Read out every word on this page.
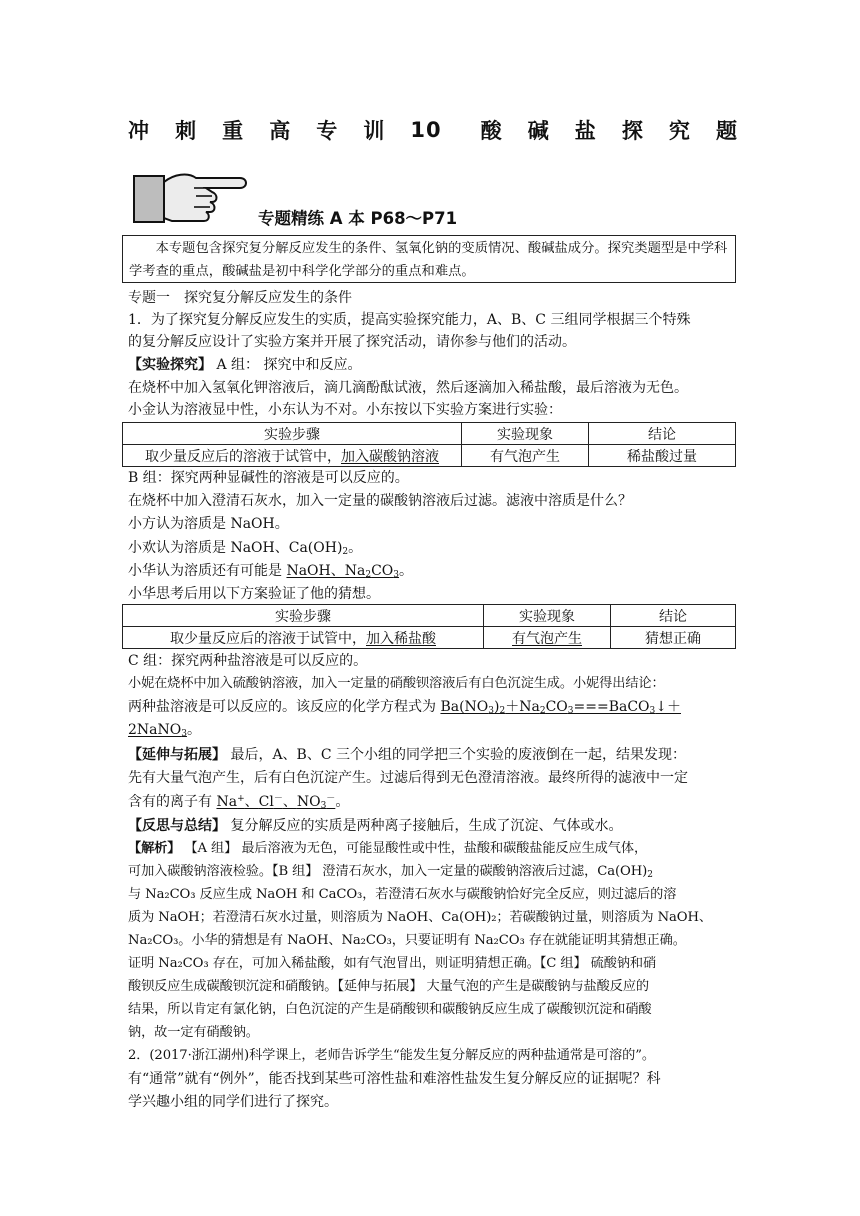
冲 刺 重 高 专 训 10 酸 碱 盐 探 究 题
专题精练 A 本 P68～P71
本专题包含探究复分解反应发生的条件、氢氧化钠的变质情况、酸碱盐成分。探究类题型是中学科学考查的重点，酸碱盐是初中科学化学部分的重点和难点。
专题一　探究复分解反应发生的条件
1．为了探究复分解反应发生的实质，提高实验探究能力，A、B、C 三组同学根据三个特殊
的复分解反应设计了实验方案并开展了探究活动，请你参与他们的活动。
【实验探究】 A 组： 探究中和反应。
在烧杯中加入氢氧化钾溶液后，滴几滴酚酞试液，然后逐滴加入稀盐酸，最后溶液为无色。
小金认为溶液显中性，小东认为不对。小东按以下实验方案进行实验：
实验步骤	实验现象	结论
取少量反应后的溶液于试管中，加入碳酸钠溶液	有气泡产生	稀盐酸过量
B 组：探究两种显碱性的溶液是可以反应的。
在烧杯中加入澄清石灰水，加入一定量的碳酸钠溶液后过滤。滤液中溶质是什么？
小方认为溶质是 NaOH。
小欢认为溶质是 NaOH、$Ca(OH)_2$。
小华认为溶质还有可能是 NaOH、$Na_2CO_3$。
小华思考后用以下方案验证了他的猜想。
实验步骤	实验现象	结论
取少量反应后的溶液于试管中，加入稀盐酸	有气泡产生	猜想正确
C 组：探究两种盐溶液是可以反应的。
小妮在烧杯中加入硫酸钠溶液，加入一定量的硝酸钡溶液后有白色沉淀生成。小妮得出结论：
两种盐溶液是可以反应的。该反应的化学方程式为 $Ba(NO_3)_2+Na_2CO_3===BaCO_3↓+$
2NaNO$_3$。
【延伸与拓展】 最后，A、B、C 三个小组的同学把三个实验的废液倒在一起，结果发现：
先有大量气泡产生，后有白色沉淀产生。过滤后得到无色澄清溶液。最终所得的滤液中一定
含有的离子有 Na+、Cl－、$NO_3^-$。
【反思与总结】 复分解反应的实质是两种离子接触后，生成了沉淀、气体或水。
【解析】 【A 组】 最后溶液为无色，可能显酸性或中性，盐酸和碳酸盐能反应生成气体，
可加入碳酸钠溶液检验。【B 组】 澄清石灰水，加入一定量的碳酸钠溶液后过滤，$Ca(OH)_2$
与 Na₂CO₃ 反应生成 NaOH 和 CaCO₃，若澄清石灰水与碳酸钠恰好完全反应，则过滤后的溶
质为 NaOH；若澄清石灰水过量，则溶质为 NaOH、Ca(OH)₂；若碳酸钠过量，则溶质为 NaOH、
Na₂CO₃。小华的猜想是有 NaOH、Na₂CO₃，只要证明有 Na₂CO₃ 存在就能证明其猜想正确。
证明 Na₂CO₃ 存在，可加入稀盐酸，如有气泡冒出，则证明猜想正确。【C 组】 硫酸钠和硝
酸钡反应生成碳酸钡沉淀和硝酸钠。【延伸与拓展】 大量气泡的产生是碳酸钠与盐酸反应的
结果，所以肯定有氯化钠，白色沉淀的产生是硝酸钡和碳酸钠反应生成了碳酸钡沉淀和硝酸
钠，故一定有硝酸钠。
2．(2017·浙江湖州)科学课上，老师告诉学生“能发生复分解反应的两种盐通常是可溶的”。
有“通常”就有“例外”，能否找到某些可溶性盐和难溶性盐发生复分解反应的证据呢？科
学兴趣小组的同学们进行了探究。
